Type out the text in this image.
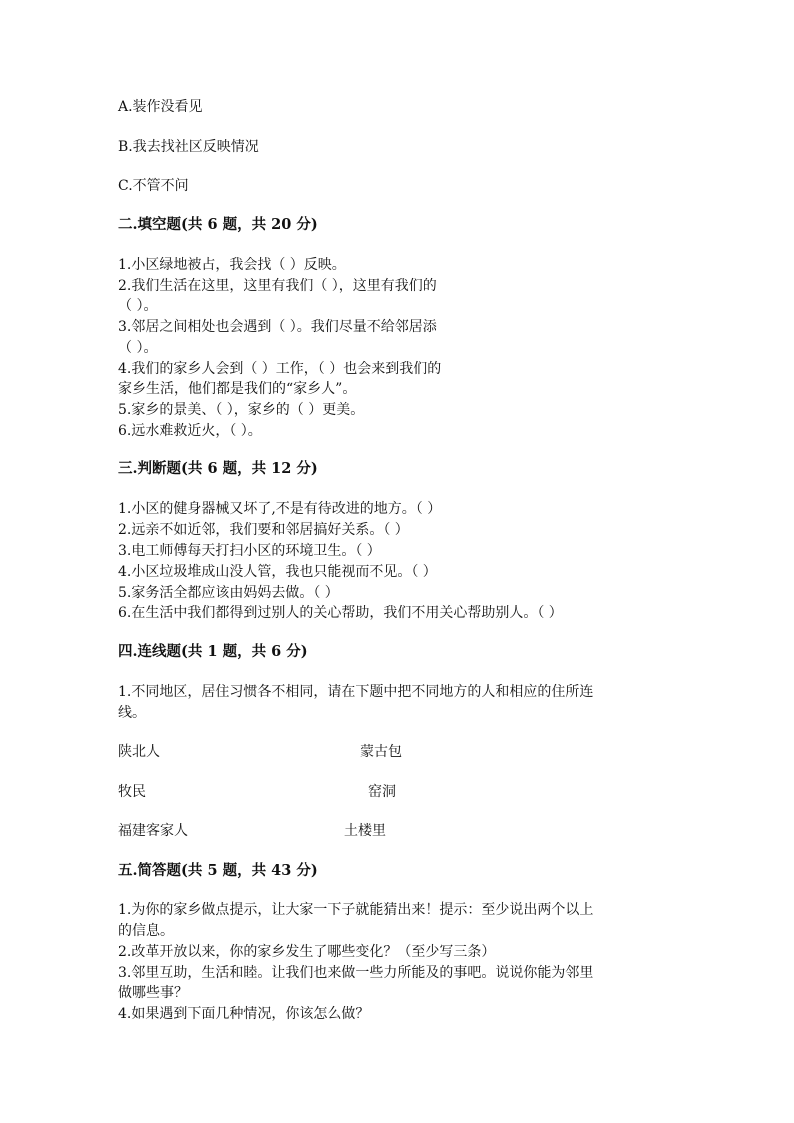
A.装作没看见
B.我去找社区反映情况
C.不管不问
二.填空题(共 6 题，共 20 分)
1.小区绿地被占，我会找（ ）反映。
2.我们生活在这里，这里有我们（ ），这里有我们的
（ ）。
3.邻居之间相处也会遇到（ ）。我们尽量不给邻居添
（ ）。
4.我们的家乡人会到（ ）工作，（ ）也会来到我们的
家乡生活，他们都是我们的“家乡人”。
5.家乡的景美、（ ），家乡的（ ）更美。
6.远水难救近火，（ ）。
三.判断题(共 6 题，共 12 分)
1.小区的健身器械又坏了,不是有待改进的地方。（ ）
2.远亲不如近邻，我们要和邻居搞好关系。（ ）
3.电工师傅每天打扫小区的环境卫生。（ ）
4.小区垃圾堆成山没人管，我也只能视而不见。（ ）
5.家务活全都应该由妈妈去做。（ ）
6.在生活中我们都得到过别人的关心帮助，我们不用关心帮助别人。（ ）
四.连线题(共 1 题，共 6 分)
1.不同地区，居住习惯各不相同，请在下题中把不同地方的人和相应的住所连
线。
陕北人	蒙古包
牧民	窑洞
福建客家人	土楼里
五.简答题(共 5 题，共 43 分)
1.为你的家乡做点提示，让大家一下子就能猜出来！提示：至少说出两个以上
的信息。
2.改革开放以来，你的家乡发生了哪些变化？（至少写三条）
3.邻里互助，生活和睦。让我们也来做一些力所能及的事吧。说说你能为邻里
做哪些事？
4.如果遇到下面几种情况，你该怎么做？
